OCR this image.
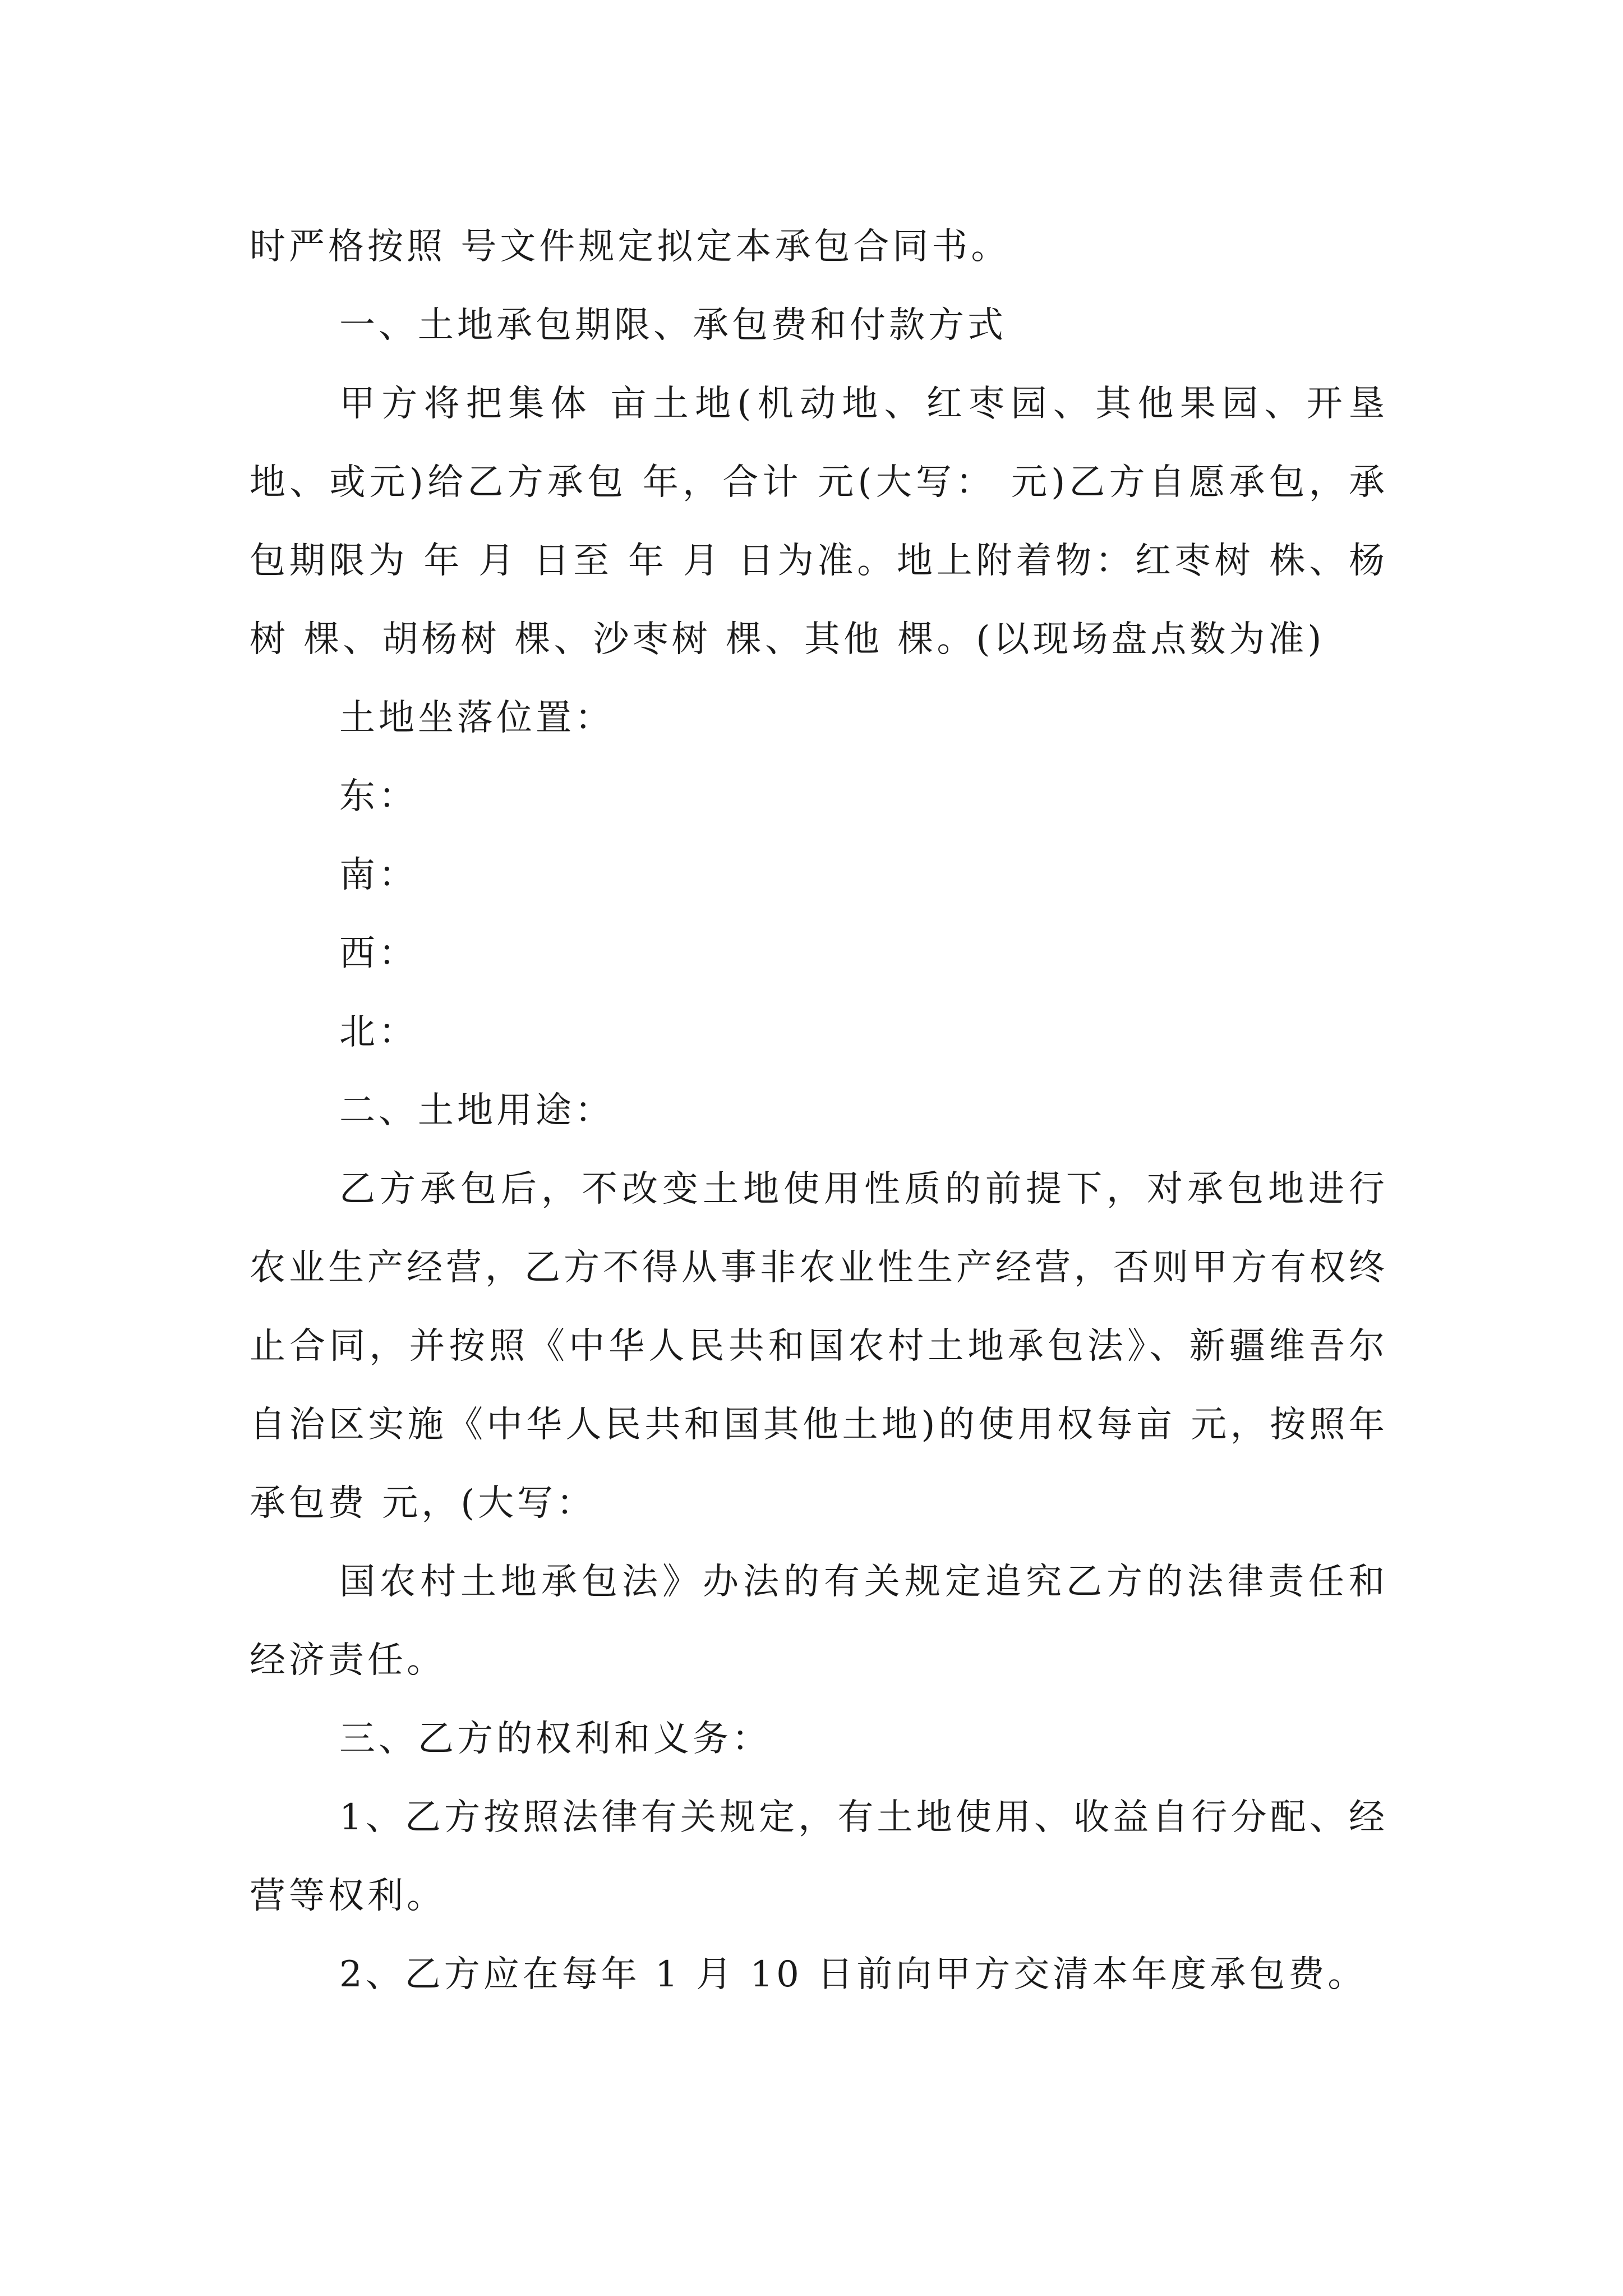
时严格按照 号文件规定拟定本承包合同书。

一、土地承包期限、承包费和付款方式

甲方将把集体 亩土地(机动地、红枣园、其他果园、开垦地、或元)给乙方承包 年，合计 元(大写： 元)乙方自愿承包，承包期限为 年 月 日至 年 月 日为准。地上附着物：红枣树 株、杨树 棵、胡杨树 棵、沙枣树 棵、其他 棵。(以现场盘点数为准)

土地坐落位置：

东：

南：

西：

北：

二、土地用途：

乙方承包后，不改变土地使用性质的前提下，对承包地进行农业生产经营，乙方不得从事非农业性生产经营，否则甲方有权终止合同，并按照《中华人民共和国农村土地承包法》、新疆维吾尔自治区实施《中华人民共和国其他土地)的使用权每亩 元，按照年承包费 元，(大写：

国农村土地承包法》办法的有关规定追究乙方的法律责任和经济责任。

三、乙方的权利和义务：

1、乙方按照法律有关规定，有土地使用、收益自行分配、经营等权利。

2、乙方应在每年 1 月 10 日前向甲方交清本年度承包费。
